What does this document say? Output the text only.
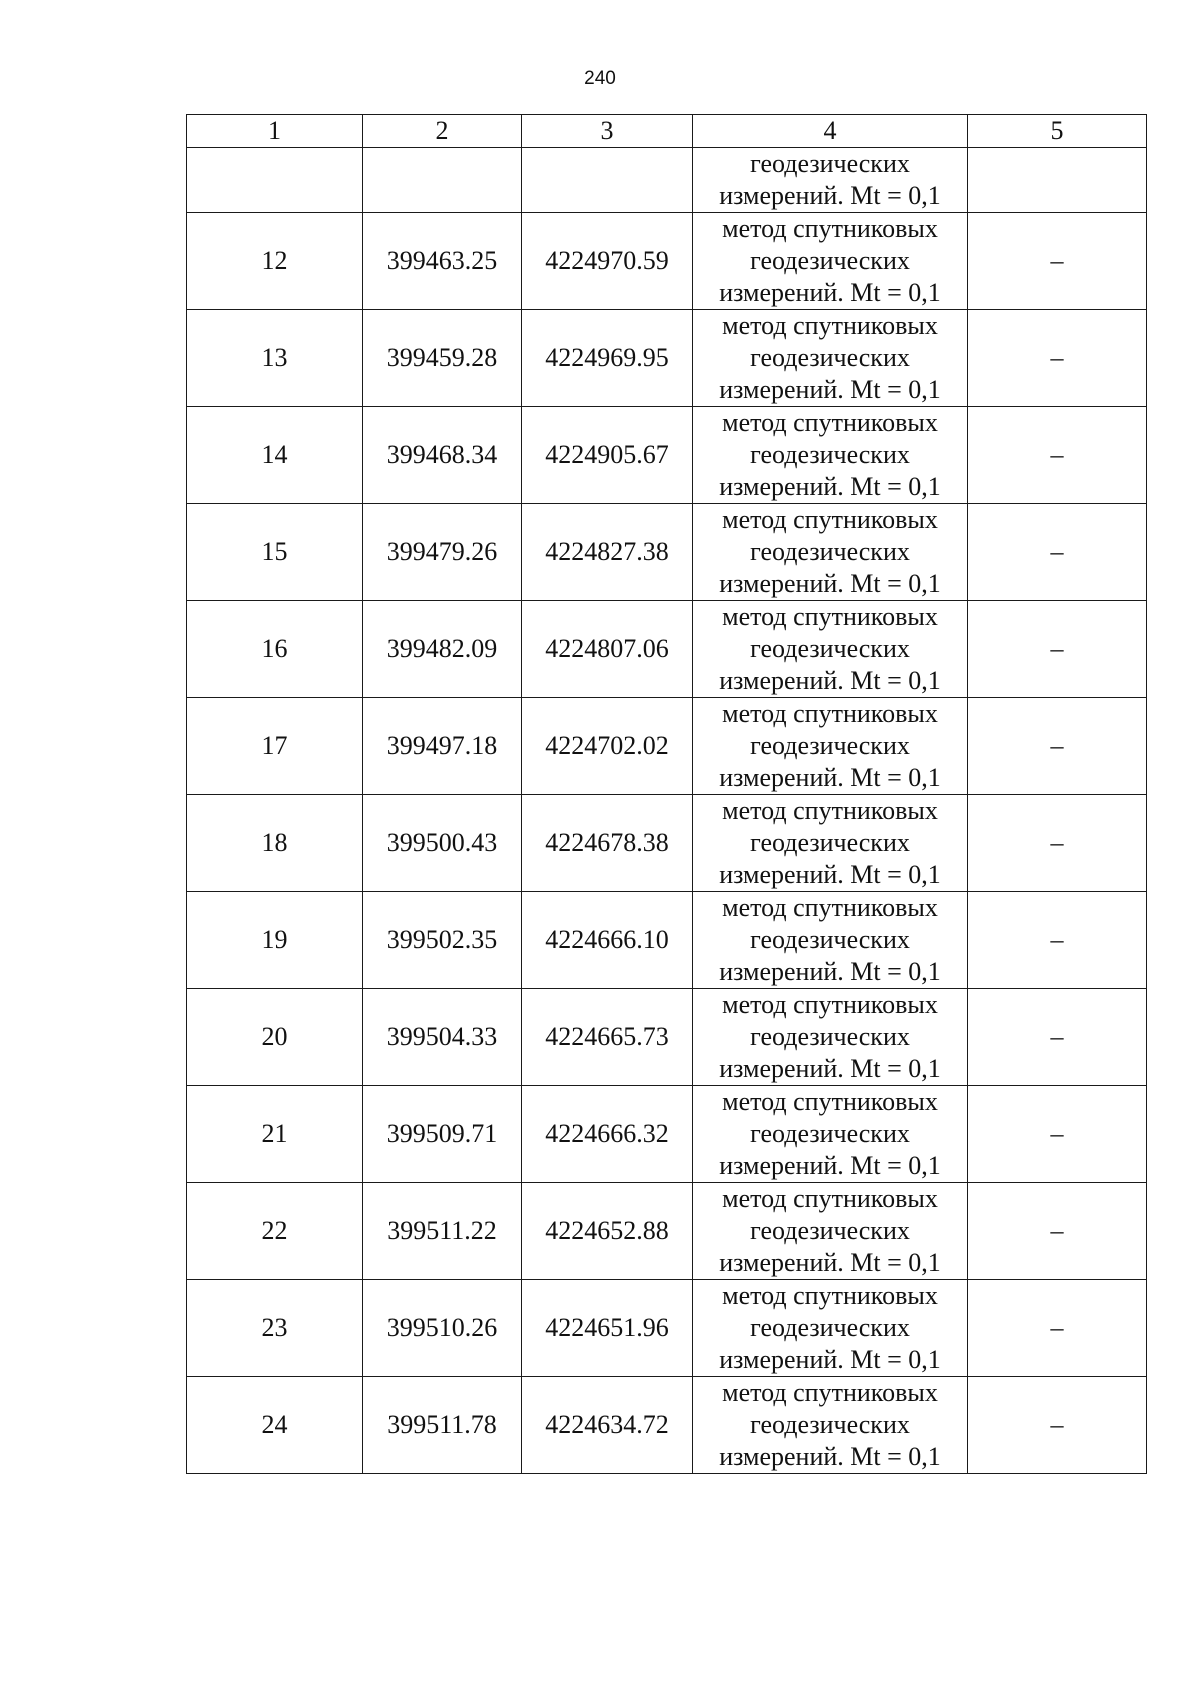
240
1	2	3	4	5

			геодезических
измерений. Mt = 0,1	

12	399463.25	4224970.59	метод спутниковых
геодезических
измерений. Mt = 0,1	–
13	399459.28	4224969.95	метод спутниковых
геодезических
измерений. Mt = 0,1	–
14	399468.34	4224905.67	метод спутниковых
геодезических
измерений. Mt = 0,1	–
15	399479.26	4224827.38	метод спутниковых
геодезических
измерений. Mt = 0,1	–
16	399482.09	4224807.06	метод спутниковых
геодезических
измерений. Mt = 0,1	–
17	399497.18	4224702.02	метод спутниковых
геодезических
измерений. Mt = 0,1	–
18	399500.43	4224678.38	метод спутниковых
геодезических
измерений. Mt = 0,1	–
19	399502.35	4224666.10	метод спутниковых
геодезических
измерений. Mt = 0,1	–
20	399504.33	4224665.73	метод спутниковых
геодезических
измерений. Mt = 0,1	–
21	399509.71	4224666.32	метод спутниковых
геодезических
измерений. Mt = 0,1	–
22	399511.22	4224652.88	метод спутниковых
геодезических
измерений. Mt = 0,1	–
23	399510.26	4224651.96	метод спутниковых
геодезических
измерений. Mt = 0,1	–
24	399511.78	4224634.72	метод спутниковых
геодезических
измерений. Mt = 0,1	–
